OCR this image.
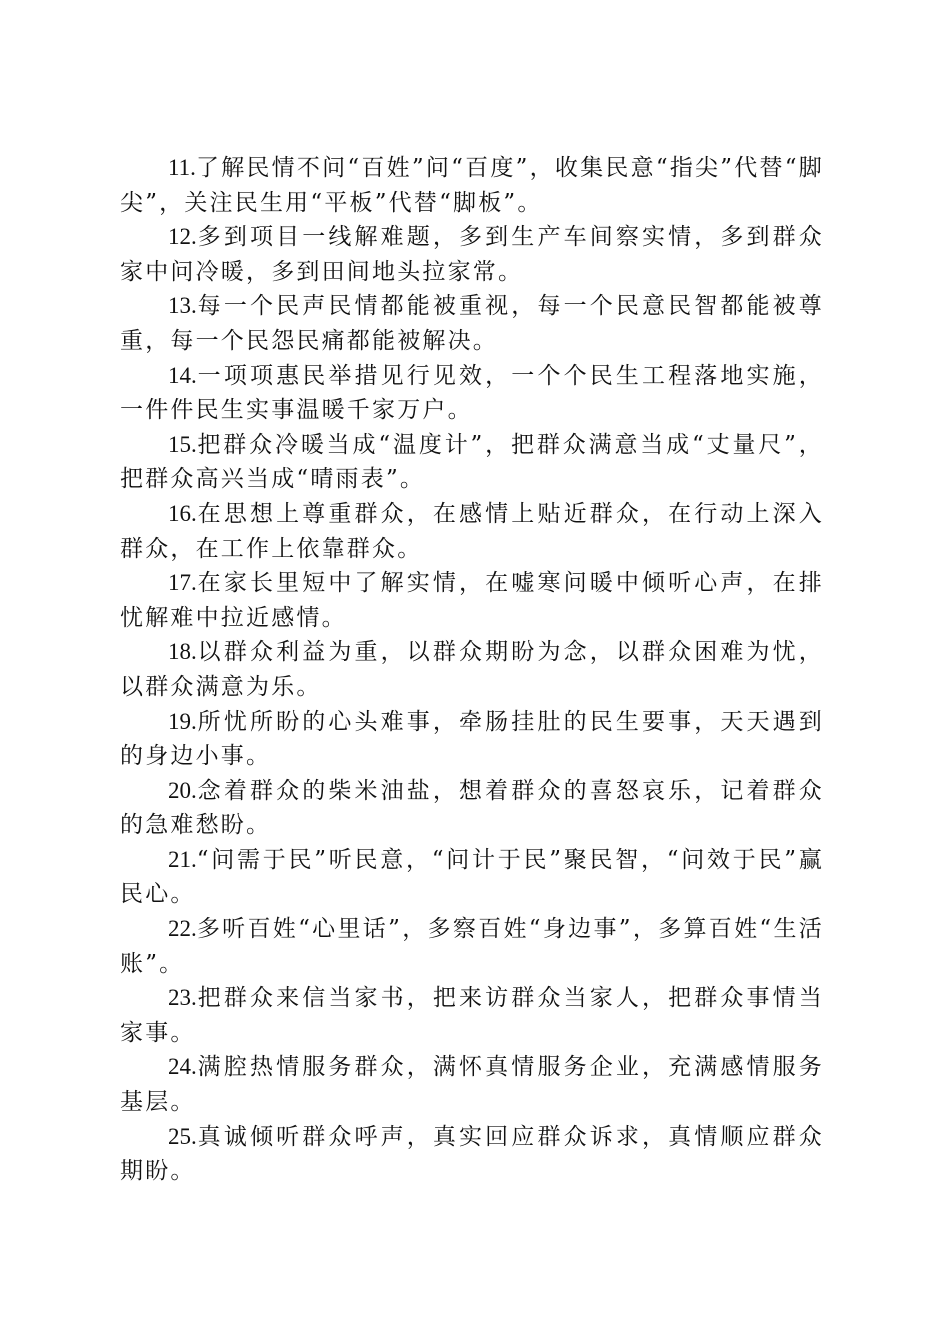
11.了解民情不问“百姓”问“百度”，收集民意“指尖”代替“脚尖”，关注民生用“平板”代替“脚板”。

12.多到项目一线解难题，多到生产车间察实情，多到群众家中问冷暖，多到田间地头拉家常。

13.每一个民声民情都能被重视，每一个民意民智都能被尊重，每一个民怨民痛都能被解决。

14.一项项惠民举措见行见效，一个个民生工程落地实施，一件件民生实事温暖千家万户。

15.把群众冷暖当成“温度计”，把群众满意当成“丈量尺”，把群众高兴当成“晴雨表”。

16.在思想上尊重群众，在感情上贴近群众，在行动上深入群众，在工作上依靠群众。

17.在家长里短中了解实情，在嘘寒问暖中倾听心声，在排忧解难中拉近感情。

18.以群众利益为重，以群众期盼为念，以群众困难为忧，以群众满意为乐。

19.所忧所盼的心头难事，牵肠挂肚的民生要事，天天遇到的身边小事。

20.念着群众的柴米油盐，想着群众的喜怒哀乐，记着群众的急难愁盼。

21.“问需于民”听民意，“问计于民”聚民智，“问效于民”赢民心。

22.多听百姓“心里话”，多察百姓“身边事”，多算百姓“生活账”。

23.把群众来信当家书，把来访群众当家人，把群众事情当家事。

24.满腔热情服务群众，满怀真情服务企业，充满感情服务基层。

25.真诚倾听群众呼声，真实回应群众诉求，真情顺应群众期盼。
